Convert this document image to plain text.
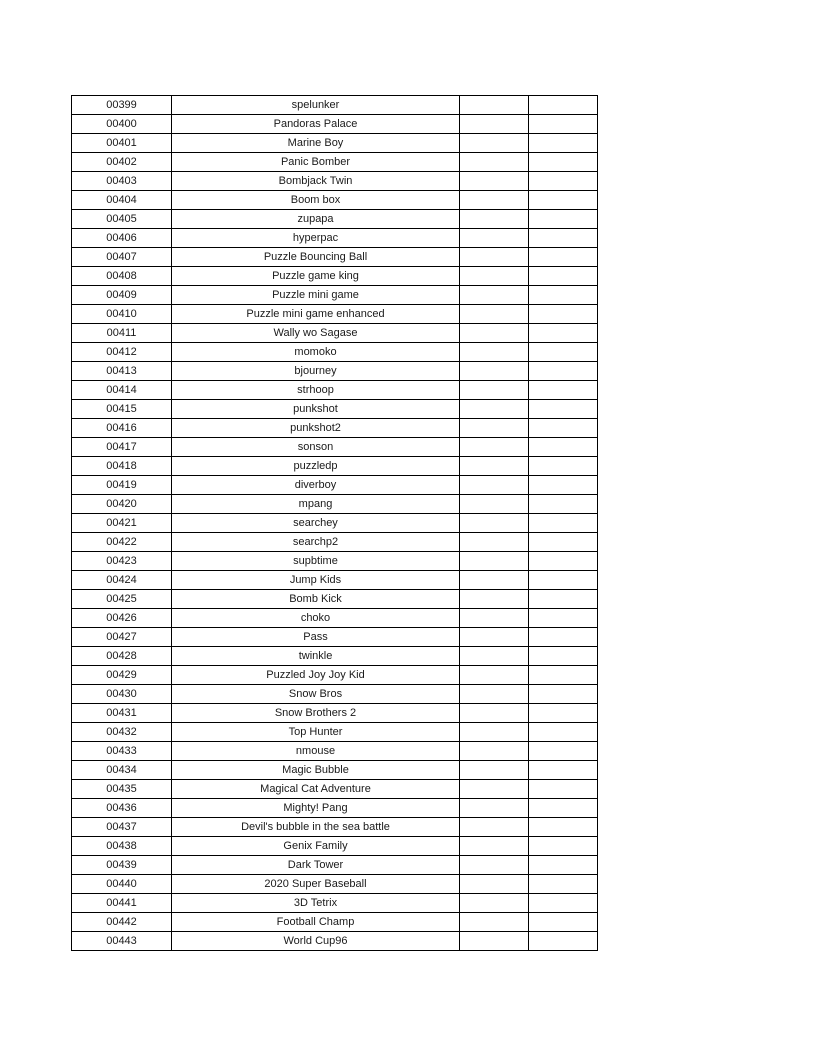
00399	spelunker		
00400	Pandoras Palace		
00401	Marine Boy		
00402	Panic Bomber		
00403	Bombjack Twin		
00404	Boom box		
00405	zupapa		
00406	hyperpac		
00407	Puzzle Bouncing Ball		
00408	Puzzle game king		
00409	Puzzle mini game		
00410	Puzzle mini game enhanced		
00411	Wally wo Sagase		
00412	momoko		
00413	bjourney		
00414	strhoop		
00415	punkshot		
00416	punkshot2		
00417	sonson		
00418	puzzledp		
00419	diverboy		
00420	mpang		
00421	searchey		
00422	searchp2		
00423	supbtime		
00424	Jump Kids		
00425	Bomb Kick		
00426	choko		
00427	Pass		
00428	twinkle		
00429	Puzzled Joy Joy Kid		
00430	Snow Bros		
00431	Snow Brothers 2		
00432	Top Hunter		
00433	nmouse		
00434	Magic Bubble		
00435	Magical Cat Adventure		
00436	Mighty! Pang		
00437	Devil's bubble in the sea battle		
00438	Genix Family		
00439	Dark Tower		
00440	2020 Super Baseball		
00441	3D Tetrix		
00442	Football Champ		
00443	World Cup96		
